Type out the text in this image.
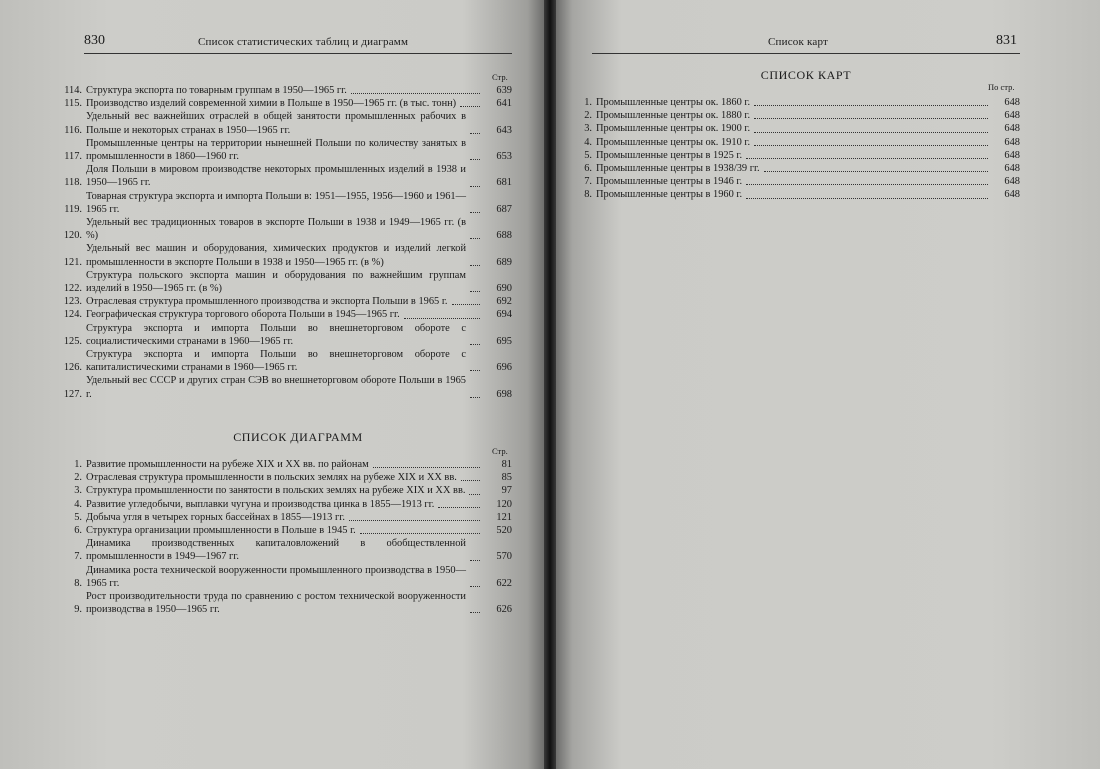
830	Список статистических таблиц и диаграмм
Стр.
114. Структура экспорта по товарным группам в 1950—1965 гг.	639
115. Производство изделий современной химии в Польше в 1950—1965 гг. (в тыс. тонн)	641
116.
Удельный вес важнейших отраслей в общей занятости промышленных рабочих в Польше и некоторых странах в 1950—1965 гг.	643
117.
Промышленные центры на территории нынешней Польши по количеству занятых в промышленности в 1860—1960 гг.	653
118.
Доля Польши в мировом производстве некоторых промышленных изделий в 1938 и 1950—1965 гг.	681
119.
Товарная структура экспорта и импорта Польши в: 1951—1955, 1956—1960 и 1961—1965 гг.	687
120.
Удельный вес традиционных товаров в экспорте Польши в 1938 и 1949—1965 гг. (в %)	688
121.
Удельный вес машин и оборудования, химических продуктов и изделий легкой промышленности в экспорте Польши в 1938 и 1950—1965 гг. (в %)	689
122.
Структура польского экспорта машин и оборудования по важнейшим группам изделий в 1950—1965 гг. (в %)	690
123. Отраслевая структура промышленного производства и экспорта Польши в 1965 г.	692
124. Географическая структура торгового оборота Польши в 1945—1965 гг.	694
125.
Структура экспорта и импорта Польши во внешнеторговом обороте с социалистическими странами в 1960—1965 гг.	695
126.
Структура экспорта и импорта Польши во внешнеторговом обороте с капиталистическими странами в 1960—1965 гг.	696
127.
Удельный вес СССР и других стран СЭВ во внешнеторговом обороте Польши в 1965 г.	698
СПИСОК ДИАГРАММ
Стр.
1. Развитие промышленности на рубеже XIX и XX вв. по районам	81
2. Отраслевая структура промышленности в польских землях на рубеже XIX и XX вв.	85
3. Структура промышленности по занятости в польских землях на рубеже XIX и XX вв.	97
4. Развитие угледобычи, выплавки чугуна и производства цинка в 1855—1913 гг.	120
5. Добыча угля в четырех горных бассейнах в 1855—1913 гг.	121
6. Структура организации промышленности в Польше в 1945 г.	520
7.
Динамика производственных капиталовложений в обобществленной промышленности в 1949—1967 гг.	570
8.
Динамика роста технической вооруженности промышленного производства в 1950—1965 гг.	622
9.
Рост производительности труда по сравнению с ростом технической вооруженности производства в 1950—1965 гг.	626
Список карт	831
СПИСОК КАРТ
По стр.
1. Промышленные центры ок. 1860 г.	648
2. Промышленные центры ок. 1880 г.	648
3. Промышленные центры ок. 1900 г.	648
4. Промышленные центры ок. 1910 г.	648
5. Промышленные центры в 1925 г.	648
6. Промышленные центры в 1938/39 гг.	648
7. Промышленные центры в 1946 г.	648
8. Промышленные центры в 1960 г.	648
